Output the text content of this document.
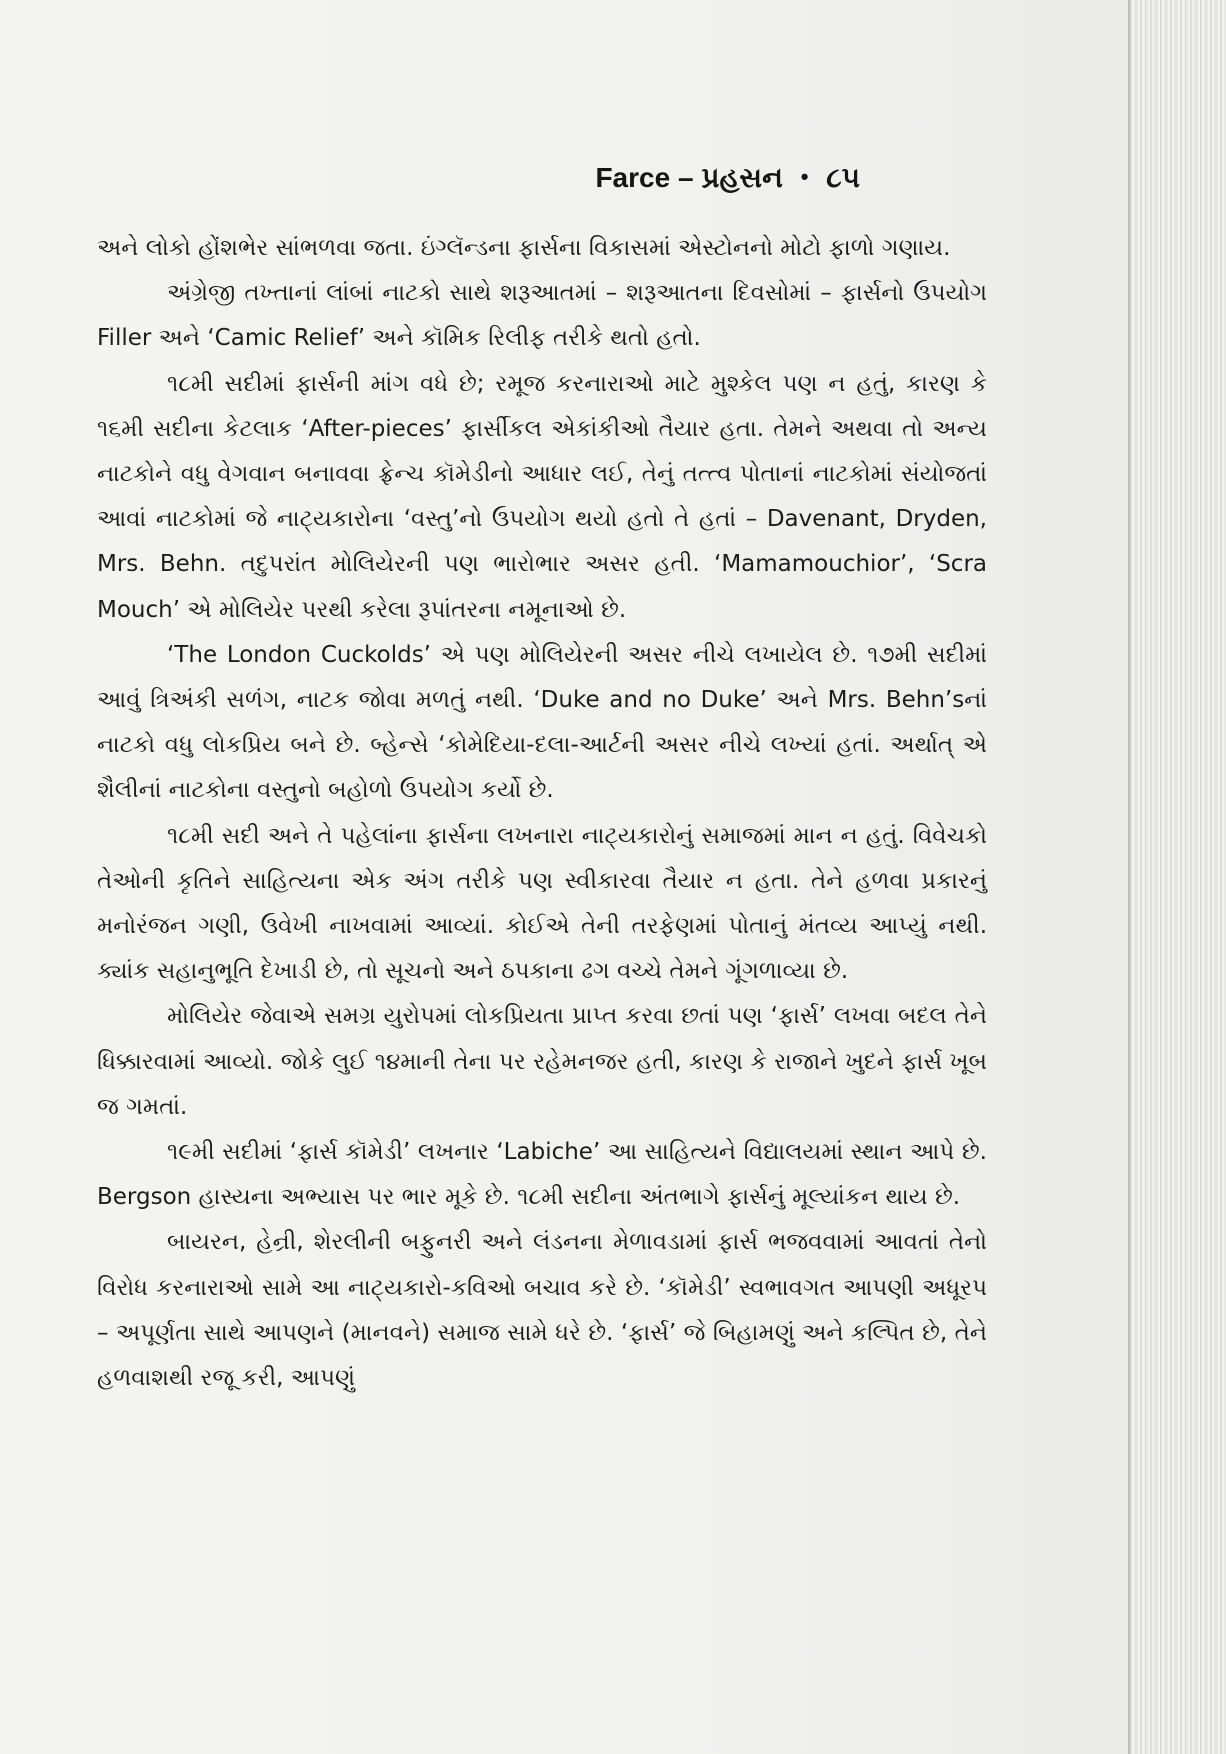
Farce – પ્રહસન • ૮૫

અને લોકો હોંશભેર સાંભળવા જતા. ઇંગ્લૅન્ડના ફાર્સના વિકાસમાં એસ્ટોનનો મોટો ફાળો ગણાય.

અંગ્રેજી તખ્તાનાં લાંબાં નાટકો સાથે શરૂઆતમાં – શરૂઆતના દિવસોમાં – ફાર્સનો ઉપયોગ Filler અને ‘Camic Relief’ અને કૉમિક રિલીફ તરીકે થતો હતો.

૧૮મી સદીમાં ફાર્સની માંગ વધે છે; રમૂજ કરનારાઓ માટે મુશ્કેલ પણ ન હતું, કારણ કે ૧૬મી સદીના કેટલાક ‘After-pieces’ ફાર્સીકલ એકાંકીઓ તૈયાર હતા. તેમને અથવા તો અન્ય નાટકોને વધુ વેગવાન બનાવવા ફ્રેન્ચ કૉમેડીનો આધાર લઈ, તેનું તત્ત્વ પોતાનાં નાટકોમાં સંયોજતાં આવાં નાટકોમાં જે નાટ્યકારોના ‘વસ્તુ’નો ઉપયોગ થયો હતો તે હતાં – Davenant, Dryden, Mrs. Behn. તદુપરાંત મોલિયેરની પણ ભારોભાર અસર હતી. ‘Mamamouchior’, ‘Scra Mouch’ એ મોલિયેર પરથી કરેલા રૂપાંતરના નમૂનાઓ છે.

‘The London Cuckolds’ એ પણ મોલિયેરની અસર નીચે લખાયેલ છે. ૧૭મી સદીમાં આવું ત્રિઅંકી સળંગ, નાટક જોવા મળતું નથી. ‘Duke and no Duke’ અને Mrs. Behn’sનાં નાટકો વધુ લોકપ્રિય બને છે. બ્હેન્સે ‘કોમેદિયા-દલા-આર્ટની અસર નીચે લખ્યાં હતાં. અર્થાત્ એ શૈલીનાં નાટકોના વસ્તુનો બહોળો ઉપયોગ કર્યો છે.

૧૮મી સદી અને તે પહેલાંના ફાર્સના લખનારા નાટ્યકારોનું સમાજમાં માન ન હતું. વિવેચકો તેઓની કૃતિને સાહિત્યના એક અંગ તરીકે પણ સ્વીકારવા તૈયાર ન હતા. તેને હળવા પ્રકારનું મનોરંજન ગણી, ઉવેખી નાખવામાં આવ્યાં. કોઈએ તેની તરફેણમાં પોતાનું મંતવ્ય આપ્યું નથી. ક્યાંક સહાનુભૂતિ દેખાડી છે, તો સૂચનો અને ઠપકાના ઢગ વચ્ચે તેમને ગૂંગળાવ્યા છે.

મોલિયેર જેવાએ સમગ્ર યુરોપમાં લોકપ્રિયતા પ્રાપ્ત કરવા છતાં પણ ‘ફાર્સ’ લખવા બદલ તેને ધિક્કારવામાં આવ્યો. જોકે લુઈ ૧૪માની તેના પર રહેમનજર હતી, કારણ કે રાજાને ખુદને ફાર્સ ખૂબ જ ગમતાં.

૧૯મી સદીમાં ‘ફાર્સ કૉમેડી’ લખનાર ‘Labiche’ આ સાહિત્યને વિદ્યાલયમાં સ્થાન આપે છે. Bergson હાસ્યના અભ્યાસ પર ભાર મૂકે છે. ૧૮મી સદીના અંતભાગે ફાર્સનું મૂલ્યાંકન થાય છે.

બાયરન, હેન્રી, શેરલીની બફુનરી અને લંડનના મેળાવડામાં ફાર્સ ભજવવામાં આવતાં તેનો વિરોધ કરનારાઓ સામે આ નાટ્યકારો-કવિઓ બચાવ કરે છે. ‘કૉમેડી’ સ્વભાવગત આપણી અધૂરપ – અપૂર્ણતા સાથે આપણને (માનવને) સમાજ સામે ધરે છે. ‘ફાર્સ’ જે બિહામણું અને કલ્પિત છે, તેને હળવાશથી રજૂ કરી, આપણું
